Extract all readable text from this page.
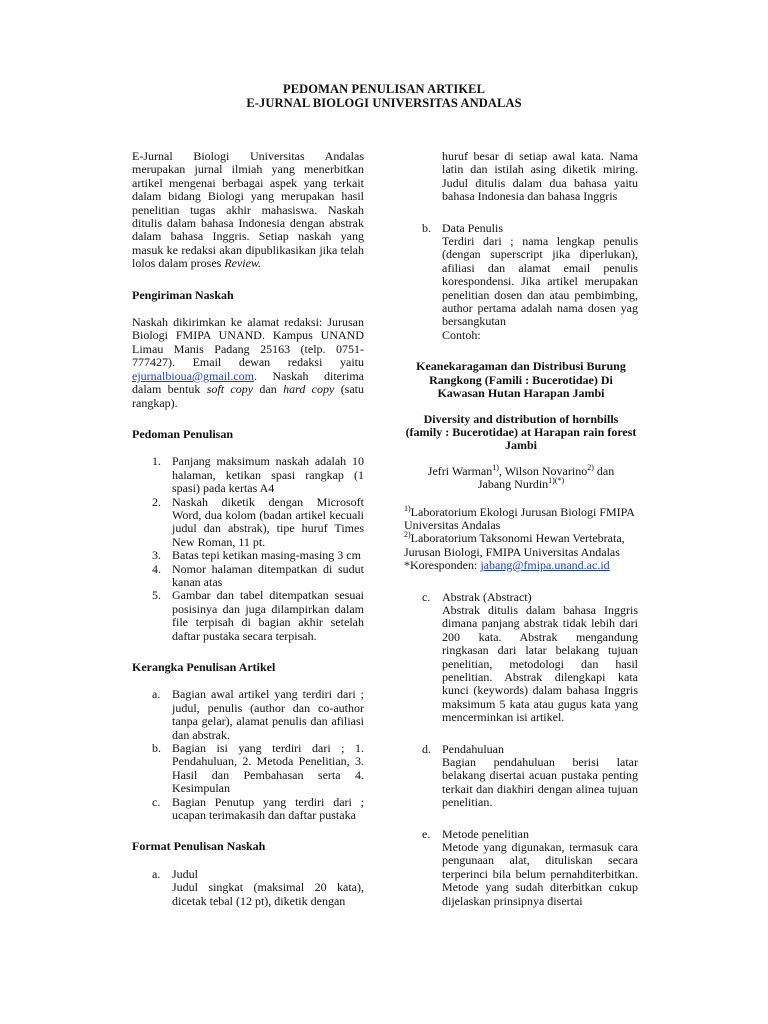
PEDOMAN PENULISAN ARTIKEL
E-JURNAL BIOLOGI UNIVERSITAS ANDALAS

E-Jurnal Biologi Universitas Andalas merupakan jurnal ilmiah yang menerbitkan artikel mengenai berbagai aspek yang terkait dalam bidang Biologi yang merupakan hasil penelitian tugas akhir mahasiswa. Naskah ditulis dalam bahasa Indonesia dengan abstrak dalam bahasa Inggris. Setiap naskah yang masuk ke redaksi akan dipublikasikan jika telah lolos dalam proses Review.

Pengiriman Naskah

Naskah dikirimkan ke alamat redaksi: Jurusan Biologi FMIPA UNAND. Kampus UNAND Limau Manis Padang 25163 (telp. 0751-777427). Email dewan redaksi yaitu ejurnalbioua@gmail.com. Naskah diterima dalam bentuk soft copy dan hard copy (satu rangkap).

Pedoman Penulisan

1. Panjang maksimum naskah adalah 10 halaman, ketikan spasi rangkap (1 spasi) pada kertas A4

2. Naskah diketik dengan Microsoft Word, dua kolom (badan artikel kecuali judul dan abstrak), tipe huruf Times New Roman, 11 pt.

3. Batas tepi ketikan masing-masing 3 cm

4. Nomor halaman ditempatkan di sudut kanan atas

5. Gambar dan tabel ditempatkan sesuai posisinya dan juga dilampirkan dalam file terpisah di bagian akhir setelah daftar pustaka secara terpisah.

Kerangka Penulisan Artikel

a. Bagian awal artikel yang terdiri dari ; judul, penulis (author dan co-author tanpa gelar), alamat penulis dan afiliasi dan abstrak.

b. Bagian isi yang terdiri dari ; 1. Pendahuluan, 2. Metoda Penelitian, 3. Hasil dan Pembahasan serta 4. Kesimpulan

c. Bagian Penutup yang terdiri dari ; ucapan terimakasih dan daftar pustaka

Format Penulisan Naskah

a. Judul

Judul singkat (maksimal 20 kata), dicetak tebal (12 pt), diketik dengan

huruf besar di setiap awal kata. Nama latin dan istilah asing diketik miring. Judul ditulis dalam dua bahasa yaitu bahasa Indonesia dan bahasa Inggris

b. Data Penulis

Terdiri dari ; nama lengkap penulis (dengan superscript jika diperlukan), afiliasi dan alamat email penulis korespondensi. Jika artikel merupakan penelitian dosen dan atau pembimbing, author pertama adalah nama dosen yag bersangkutan

Contoh:

Keanekaragaman dan Distribusi Burung Rangkong (Famili : Bucerotidae) Di Kawasan Hutan Harapan Jambi

Diversity and distribution of hornbills (family : Bucerotidae) at Harapan rain forest Jambi

Jefri Warman$^{1)}$, Wilson Novarino$^{2)}$ dan
Jabang Nurdin$^{1)(*)}$

$^{1)}$Laboratorium Ekologi Jurusan Biologi FMIPA Universitas Andalas

$^{2)}$Laboratorium Taksonomi Hewan Vertebrata, Jurusan Biologi, FMIPA Universitas Andalas

*Koresponden: jabang@fmipa.unand.ac.id

c. Abstrak (Abstract)

Abstrak ditulis dalam bahasa Inggris dimana panjang abstrak tidak lebih dari 200 kata. Abstrak mengandung ringkasan dari latar belakang tujuan penelitian, metodologi dan hasil penelitian. Abstrak dilengkapi kata kunci (keywords) dalam bahasa Inggris maksimum 5 kata atau gugus kata yang mencerminkan isi artikel.

d. Pendahuluan

Bagian pendahuluan berisi latar belakang disertai acuan pustaka penting terkait dan diakhiri dengan alinea tujuan penelitian.

e. Metode penelitian

Metode yang digunakan, termasuk cara pengunaan alat, dituliskan secara terperinci bila belum pernahditerbitkan. Metode yang sudah diterbitkan cukup dijelaskan prinsipnya disertai
